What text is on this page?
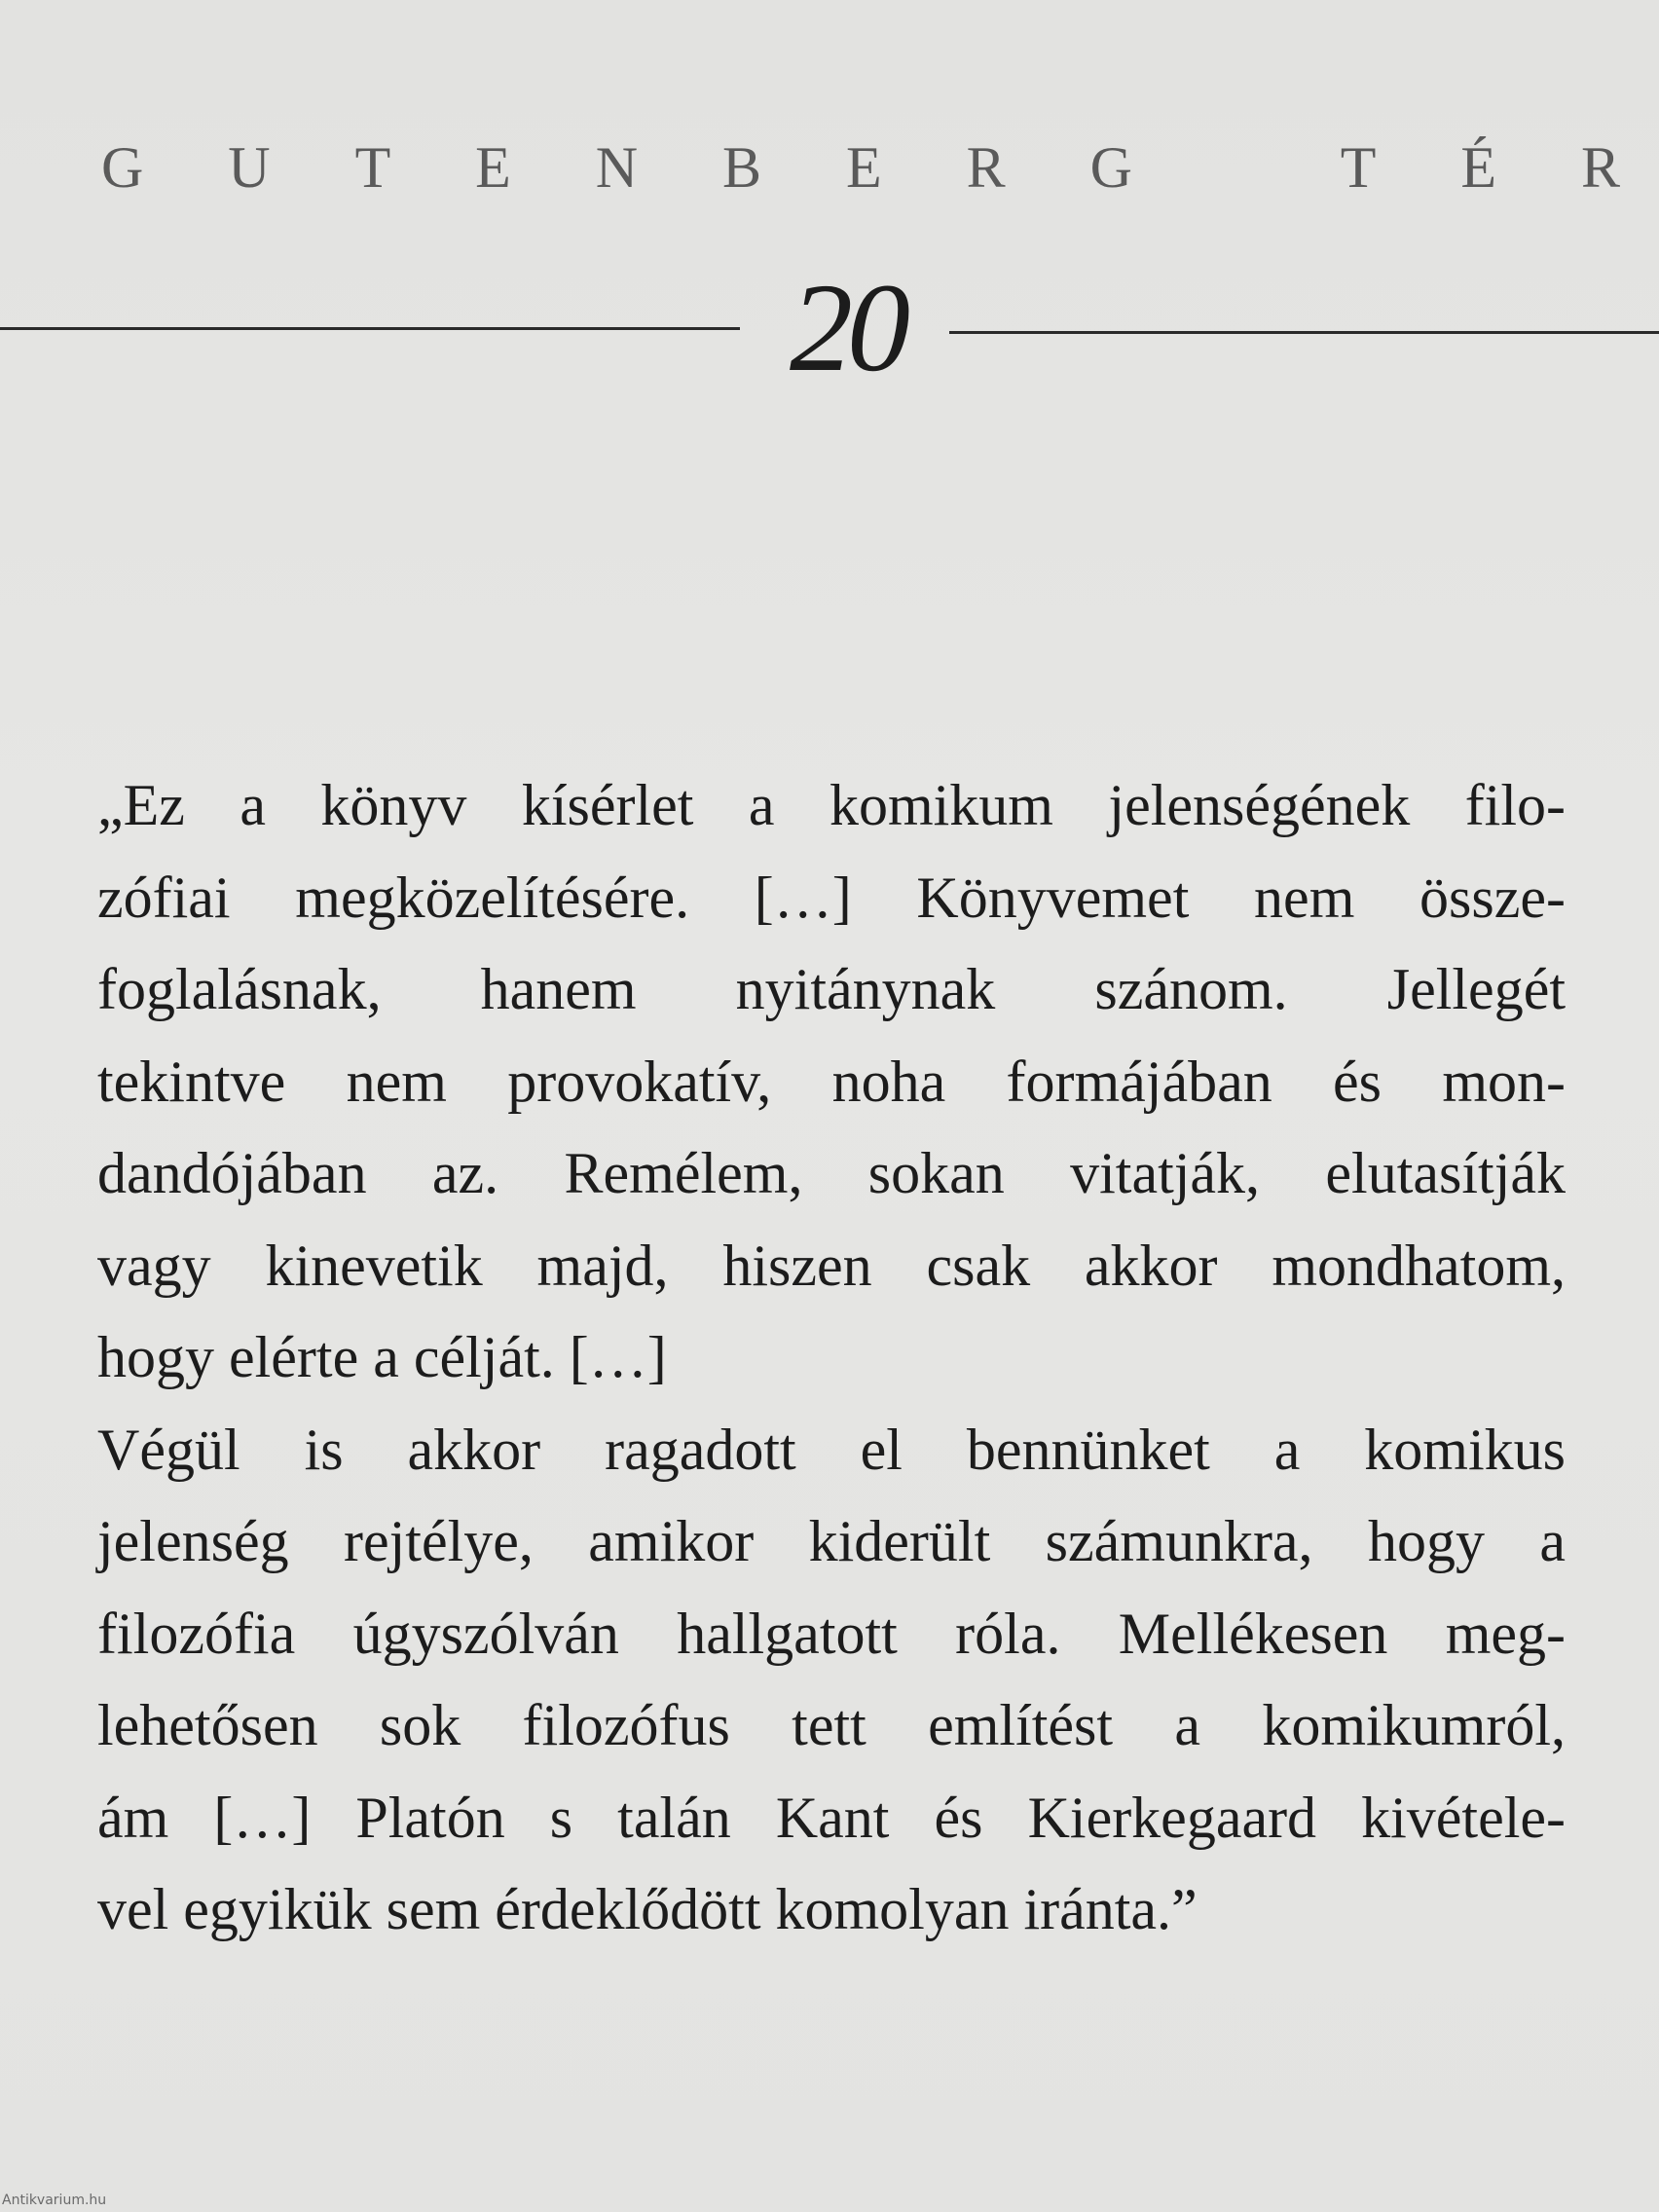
G U T E N B E R G	T É R
20
„Ez a könyv kísérlet a komikum jelenségének filo-
zófiai megközelítésére. […] Könyvemet nem össze-
foglalásnak, hanem nyitánynak szánom. Jellegét
tekintve nem provokatív, noha formájában és mon-
dandójában az. Remélem, sokan vitatják, elutasítják
vagy kinevetik majd, hiszen csak akkor mondhatom,
hogy elérte a célját. […]
Végül is akkor ragadott el bennünket a komikus
jelenség rejtélye, amikor kiderült számunkra, hogy a
filozófia úgyszólván hallgatott róla. Mellékesen meg-
lehetősen sok filozófus tett említést a komikumról,
ám […] Platón s talán Kant és Kierkegaard kivétele-
vel egyikük sem érdeklődött komolyan iránta.”
Antikvarium.hu
